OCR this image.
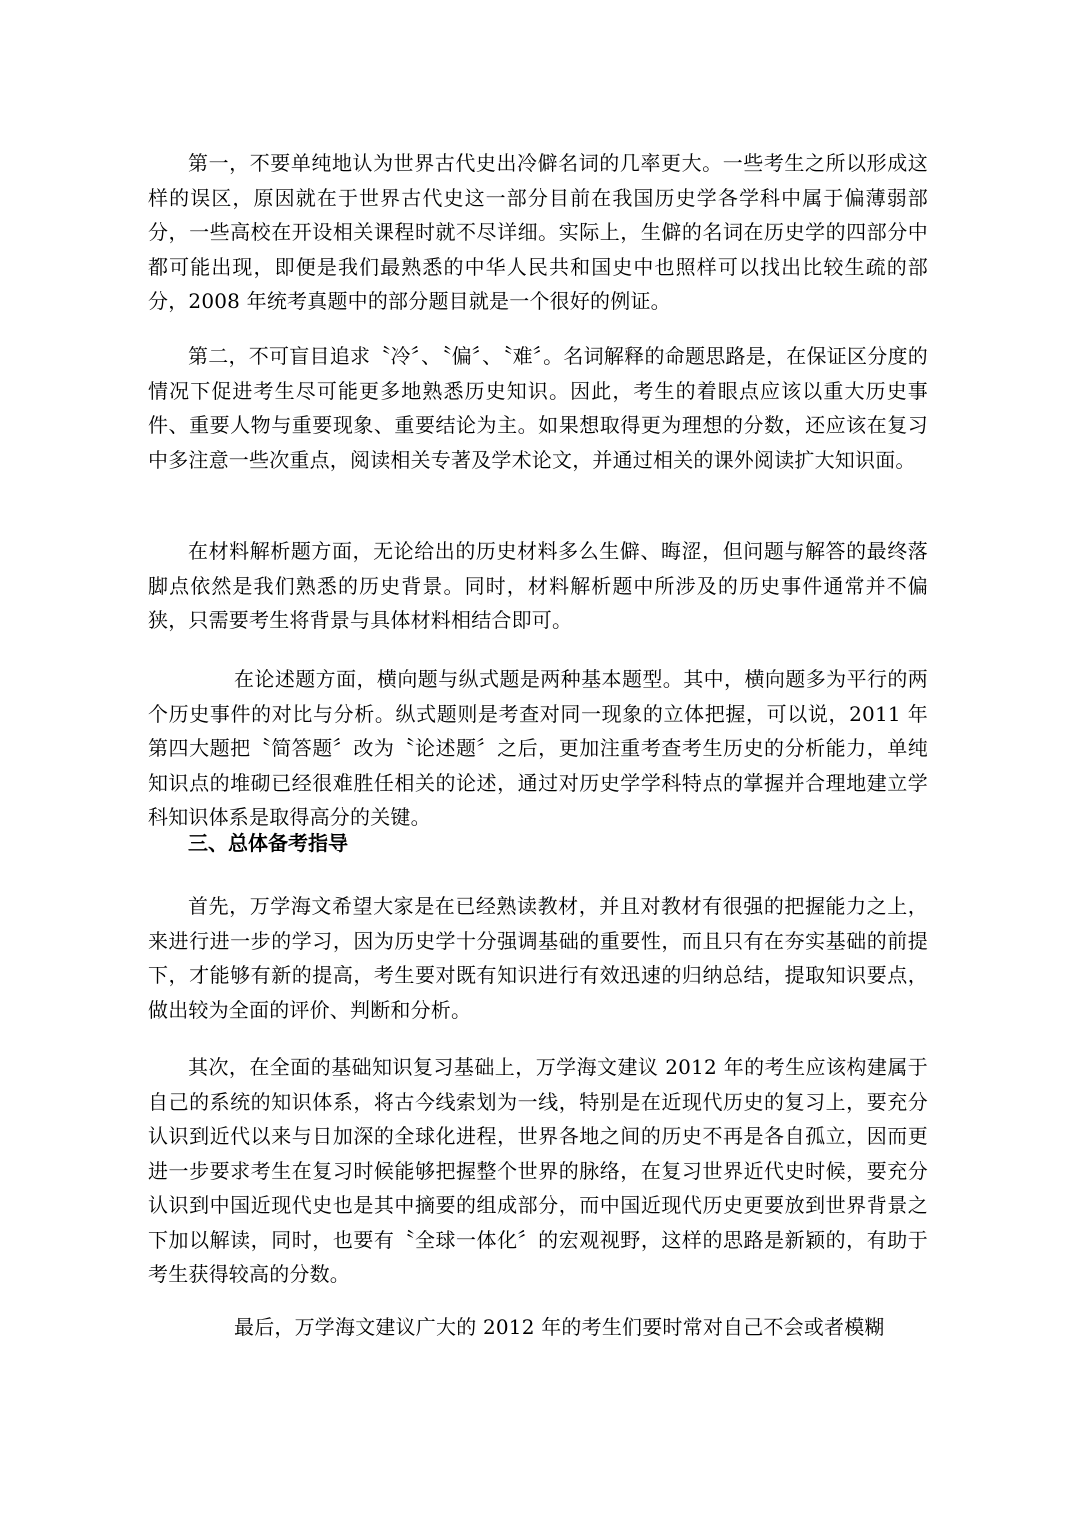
第一，不要单纯地认为世界古代史出冷僻名词的几率更大。一些考生之所以形成这样的误区，原因就在于世界古代史这一部分目前在我国历史学各学科中属于偏薄弱部分，一些高校在开设相关课程时就不尽详细。实际上，生僻的名词在历史学的四部分中都可能出现，即便是我们最熟悉的中华人民共和国史中也照样可以找出比较生疏的部分，2008 年统考真题中的部分题目就是一个很好的例证。

第二，不可盲目追求〝冷〞、〝偏〞、〝难〞。名词解释的命题思路是，在保证区分度的情况下促进考生尽可能更多地熟悉历史知识。因此，考生的着眼点应该以重大历史事件、重要人物与重要现象、重要结论为主。如果想取得更为理想的分数，还应该在复习中多注意一些次重点，阅读相关专著及学术论文，并通过相关的课外阅读扩大知识面。

在材料解析题方面，无论给出的历史材料多么生僻、晦涩，但问题与解答的最终落脚点依然是我们熟悉的历史背景。同时，材料解析题中所涉及的历史事件通常并不偏狭，只需要考生将背景与具体材料相结合即可。

在论述题方面，横向题与纵式题是两种基本题型。其中，横向题多为平行的两个历史事件的对比与分析。纵式题则是考查对同一现象的立体把握，可以说，2011 年第四大题把〝简答题〞改为〝论述题〞之后，更加注重考查考生历史的分析能力，单纯知识点的堆砌已经很难胜任相关的论述，通过对历史学学科特点的掌握并合理地建立学科知识体系是取得高分的关键。

三、总体备考指导

首先，万学海文希望大家是在已经熟读教材，并且对教材有很强的把握能力之上，来进行进一步的学习，因为历史学十分强调基础的重要性，而且只有在夯实基础的前提下，才能够有新的提高，考生要对既有知识进行有效迅速的归纳总结，提取知识要点，做出较为全面的评价、判断和分析。

其次，在全面的基础知识复习基础上，万学海文建议 2012 年的考生应该构建属于自己的系统的知识体系，将古今线索划为一线，特别是在近现代历史的复习上，要充分认识到近代以来与日加深的全球化进程，世界各地之间的历史不再是各自孤立，因而更进一步要求考生在复习时候能够把握整个世界的脉络，在复习世界近代史时候，要充分认识到中国近现代史也是其中摘要的组成部分，而中国近现代历史更要放到世界背景之下加以解读，同时，也要有〝全球一体化〞的宏观视野，这样的思路是新颖的，有助于考生获得较高的分数。

最后，万学海文建议广大的 2012 年的考生们要时常对自己不会或者模糊
